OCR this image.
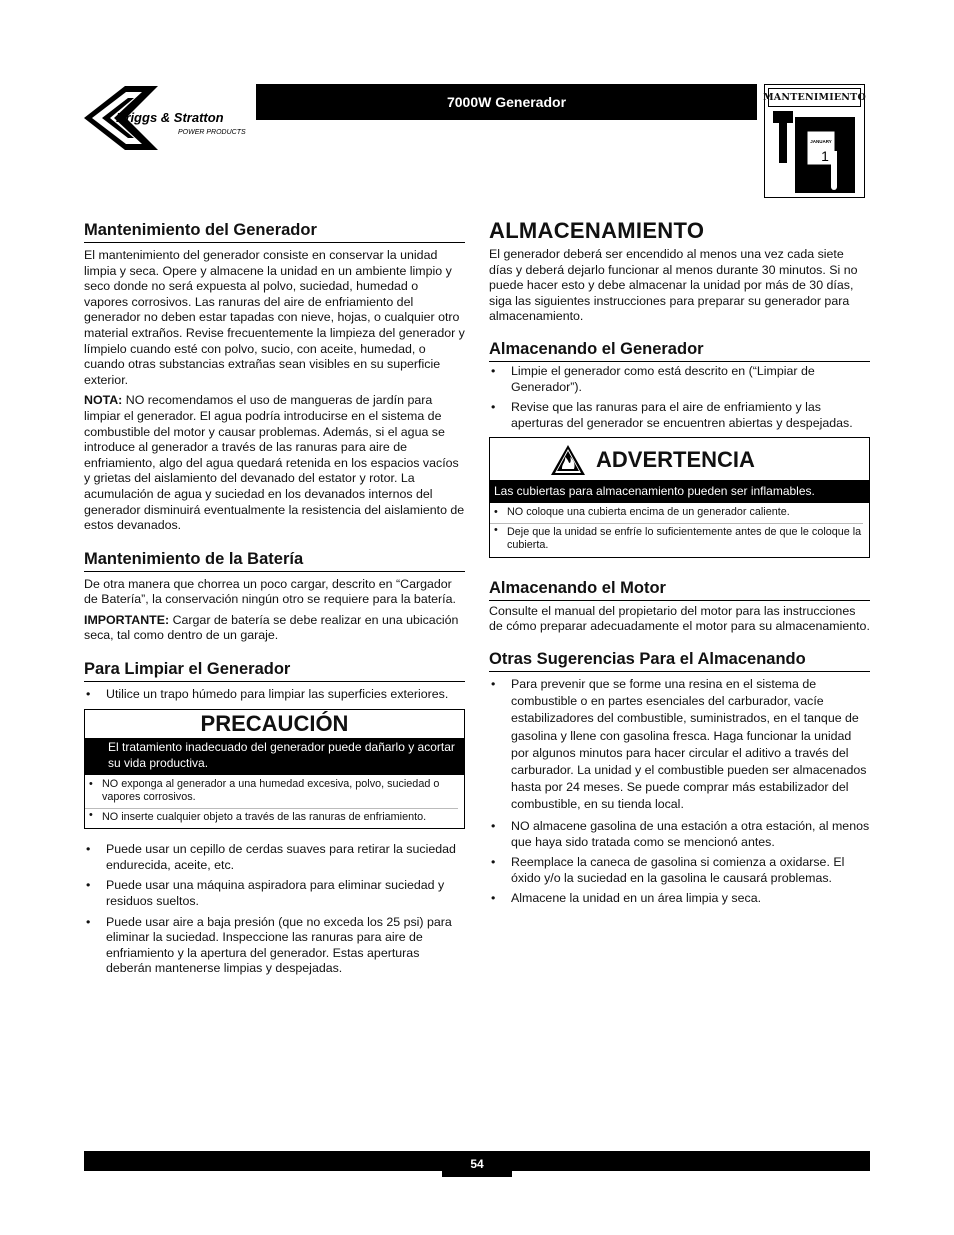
Briggs & Stratton
POWER PRODUCTS
7000W Generador	MANTENIMIENTO
JANUARY
1
Mantenimiento del Generador

El mantenimiento del generador consiste en conservar la unidad limpia y seca. Opere y almacene la unidad en un ambiente limpio y seco donde no será expuesta al polvo, suciedad, humedad o vapores corrosivos. Las ranuras del aire de enfriamiento del generador no deben estar tapadas con nieve, hojas, o cualquier otro material extraños. Revise frecuentemente la limpieza del generador y límpielo cuando esté con polvo, sucio, con aceite, humedad, o cuando otras substancias extrañas sean visibles en su superficie exterior.

NOTA: NO recomendamos el uso de mangueras de jardín para limpiar el generador. El agua podría introducirse en el sistema de combustible del motor y causar problemas. Además, si el agua se introduce al generador a través de las ranuras para aire de enfriamiento, algo del agua quedará retenida en los espacios vacíos y grietas del aislamiento del devanado del estator y rotor. La acumulación de agua y suciedad en los devanados internos del generador disminuirá eventualmente la resistencia del aislamiento de estos devanados.

Mantenimiento de la Batería

De otra manera que chorrea un poco cargar, descrito en “Cargador de Batería”, la conservación ningún otro se requiere para la batería.

IMPORTANTE: Cargar de batería se debe realizar en una ubicación seca, tal como dentro de un garaje.

Para Limpiar el Generador
• Utilice un trapo húmedo para limpiar las superficies exteriores.
PRECAUCIÓN
El tratamiento inadecuado del generador puede dañarlo y acortar su vida productiva.
• NO exponga al generador a una humedad excesiva, polvo, suciedad o vapores corrosivos.
• NO inserte cualquier objeto a través de las ranuras de enfriamiento.
• Puede usar un cepillo de cerdas suaves para retirar la suciedad endurecida, aceite, etc.
• Puede usar una máquina aspiradora para eliminar suciedad y residuos sueltos.
• Puede usar aire a baja presión (que no exceda los 25 psi) para eliminar la suciedad. Inspeccione las ranuras para aire de enfriamiento y la apertura del generador. Estas aperturas deberán mantenerse limpias y despejadas.
ALMACENAMIENTO

El generador deberá ser encendido al menos una vez cada siete días y deberá dejarlo funcionar al menos durante 30 minutos. Si no puede hacer esto y debe almacenar la unidad por más de 30 días, siga las siguientes instrucciones para preparar su generador para almacenamiento.

Almacenando el Generador
• Limpie el generador como está descrito en (“Limpiar de Generador”).
• Revise que las ranuras para el aire de enfriamiento y las aperturas del generador se encuentren abiertas y despejadas.
ADVERTENCIA
Las cubiertas para almacenamiento pueden ser inflamables.
• NO coloque una cubierta encima de un generador caliente.
• Deje que la unidad se enfríe lo suficientemente antes de que le coloque la cubierta.
Almacenando el Motor

Consulte el manual del propietario del motor para las instrucciones de cómo preparar adecuadamente el motor para su almacenamiento.

Otras Sugerencias Para el Almacenando
• Para prevenir que se forme una resina en el sistema de combustible o en partes esenciales del carburador, vacíe estabilizadores del combustible, suministrados, en el tanque de gasolina y llene con gasolina fresca. Haga funcionar la unidad por algunos minutos para hacer circular el aditivo a través del carburador. La unidad y el combustible pueden ser almacenados hasta por 24 meses. Se puede comprar más estabilizador del combustible, en su tienda local.
• NO almacene gasolina de una estación a otra estación, al menos que haya sido tratada como se mencionó antes.
• Reemplace la caneca de gasolina si comienza a oxidarse. El óxido y/o la suciedad en la gasolina le causará problemas.
• Almacene la unidad en un área limpia y seca.
54
